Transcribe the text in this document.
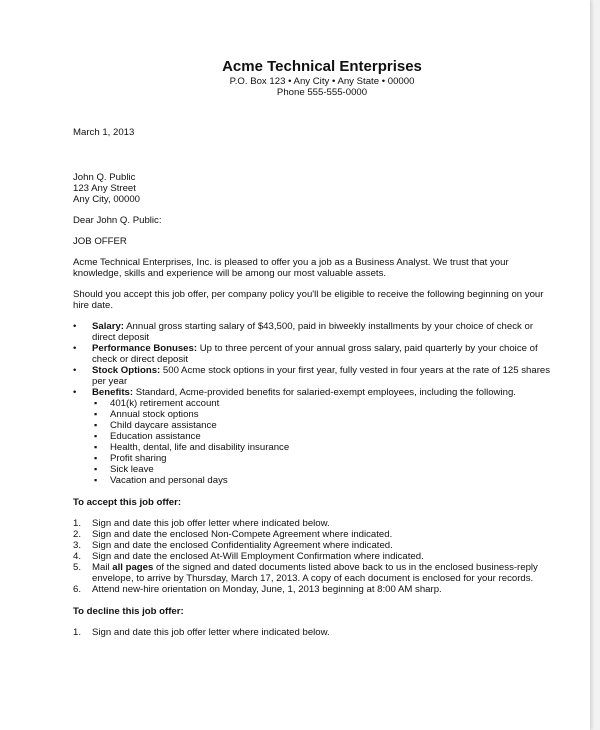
Acme Technical Enterprises
P.O. Box 123 • Any City • Any State • 00000
Phone 555-555-0000
March 1, 2013
John Q. Public
123 Any Street
Any City, 00000
Dear John Q. Public:
JOB OFFER

Acme Technical Enterprises, Inc. is pleased to offer you a job as a Business Analyst. We trust that your knowledge, skills and experience will be among our most valuable assets.

Should you accept this job offer, per company policy you'll be eligible to receive the following beginning on your hire date.

• Salary: Annual gross starting salary of $43,500, paid in biweekly installments by your choice of check or direct deposit
• Performance Bonuses: Up to three percent of your annual gross salary, paid quarterly by your choice of check or direct deposit
• Stock Options: 500 Acme stock options in your first year, fully vested in four years at the rate of 125 shares per year
• Benefits: Standard, Acme-provided benefits for salaried-exempt employees, including the following.
▪ 401(k) retirement account
▪ Annual stock options
▪ Child daycare assistance
▪ Education assistance
▪ Health, dental, life and disability insurance
▪ Profit sharing
▪ Sick leave
▪ Vacation and personal days
To accept this job offer:
1. Sign and date this job offer letter where indicated below.
2. Sign and date the enclosed Non-Compete Agreement where indicated.
3. Sign and date the enclosed Confidentiality Agreement where indicated.
4. Sign and date the enclosed At-Will Employment Confirmation where indicated.
5. Mail all pages of the signed and dated documents listed above back to us in the enclosed business-reply envelope, to arrive by Thursday, March 17, 2013. A copy of each document is enclosed for your records.
6. Attend new-hire orientation on Monday, June, 1, 2013 beginning at 8:00 AM sharp.
To decline this job offer:
1. Sign and date this job offer letter where indicated below.
